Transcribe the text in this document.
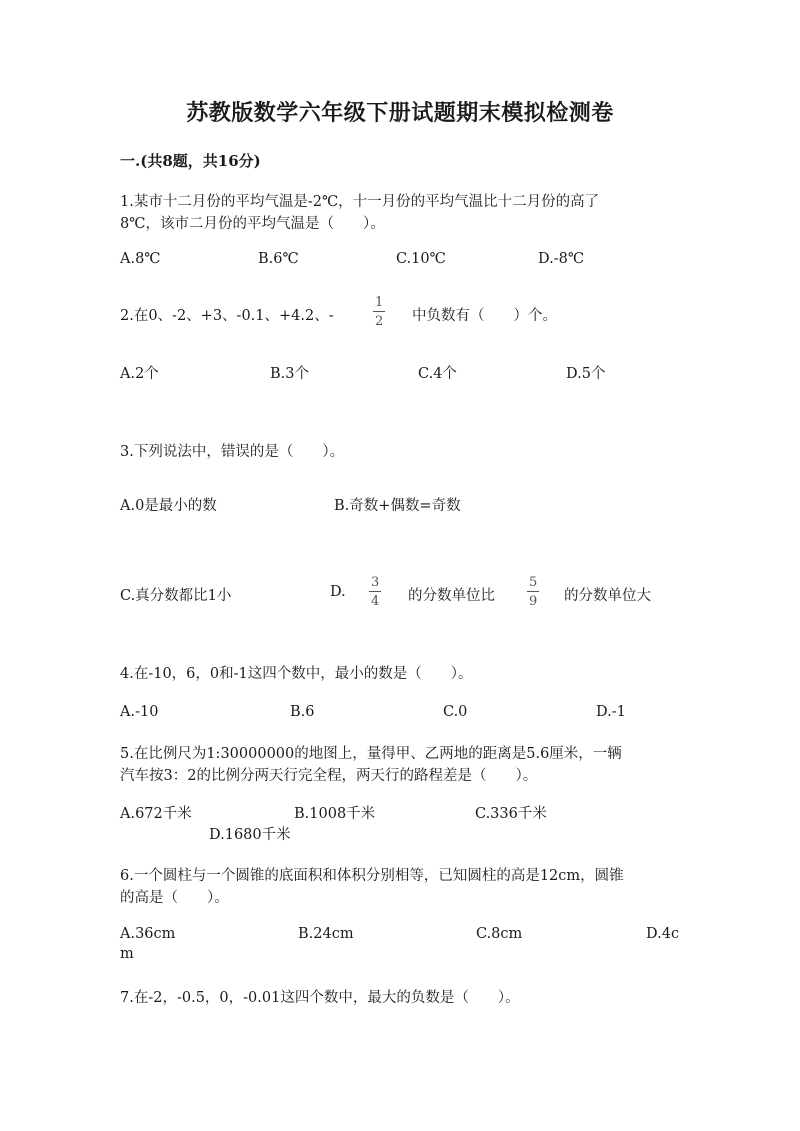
苏教版数学六年级下册试题期末模拟检测卷
一.(共8题，共16分)
1.某市十二月份的平均气温是-2℃，十一月份的平均气温比十二月份的高了
8℃，该市二月份的平均气温是（　　）。
A.8℃	B.6℃	C.10℃	D.-8℃
2.在0、-2、+3、-0.1、+4.2、-
1
2 中负数有（　　）个。
A.2个	B.3个	C.4个	D.5个
3.下列说法中，错误的是（　　）。
A.0是最小的数	B.奇数+偶数=奇数
C.真分数都比1小	D.
3
4 的分数单位比
5
9 的分数单位大
4.在-10，6，0和-1这四个数中，最小的数是（　　）。
A.-10	B.6	C.0	D.-1
5.在比例尺为1:30000000的地图上，量得甲、乙两地的距离是5.6厘米，一辆
汽车按3：2的比例分两天行完全程，两天行的路程差是（　　）。
A.672千米	B.1008千米	C.336千米
D.1680千米
6.一个圆柱与一个圆锥的底面积和体积分别相等，已知圆柱的高是12cm，圆锥
的高是（　　）。
A.36cm	B.24cm	C.8cm	D.4c
m
7.在-2，-0.5，0，-0.01这四个数中，最大的负数是（　　）。
